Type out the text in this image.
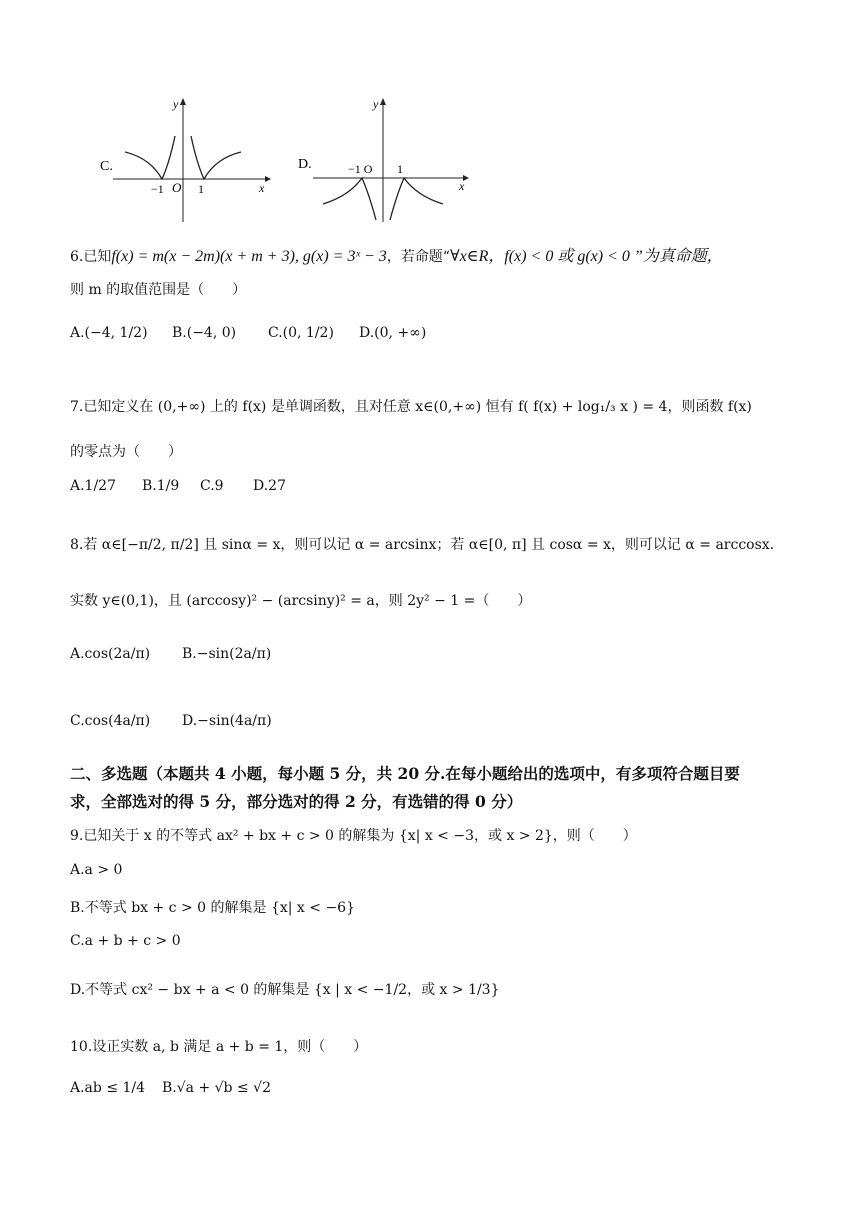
C.
y
x
O
−1	1
D.
y
x
−1 O 1
6.已知f(x) = m(x − 2m)(x + m + 3), g(x) = 3ˣ − 3，若命题“∀x∈R，f(x) < 0 或 g(x) < 0 ”为真命题，
则 m 的取值范围是（　　）
A.(−4, 1/2) B.(−4, 0) C.(0, 1/2) D.(0, +∞)
7.已知定义在 (0,+∞) 上的 f(x) 是单调函数，且对任意 x∈(0,+∞) 恒有 f( f(x) + log₁/₃ x ) = 4，则函数 f(x)
的零点为（　　）
A.1/27 B.1/9 C.9 D.27
8.若 α∈[−π/2, π/2] 且 sinα = x，则可以记 α = arcsinx；若 α∈[0, π] 且 cosα = x，则可以记 α = arccosx.
实数 y∈(0,1)，且 (arccosy)² − (arcsiny)² = a，则 2y² − 1 =（　　）
A.cos(2a/π) B.−sin(2a/π)
C.cos(4a/π) D.−sin(4a/π)
二、多选题（本题共 4 小题，每小题 5 分，共 20 分.在每小题给出的选项中，有多项符合题目要
求，全部选对的得 5 分，部分选对的得 2 分，有选错的得 0 分）
9.已知关于 x 的不等式 ax² + bx + c > 0 的解集为 {x| x < −3，或 x > 2}，则（　　）
A.a > 0
B.不等式 bx + c > 0 的解集是 {x| x < −6}
C.a + b + c > 0
D.不等式 cx² − bx + a < 0 的解集是 {x | x < −1/2，或 x > 1/3}
10.设正实数 a, b 满足 a + b = 1，则（　　）
A.ab ≤ 1/4 B.√a + √b ≤ √2
